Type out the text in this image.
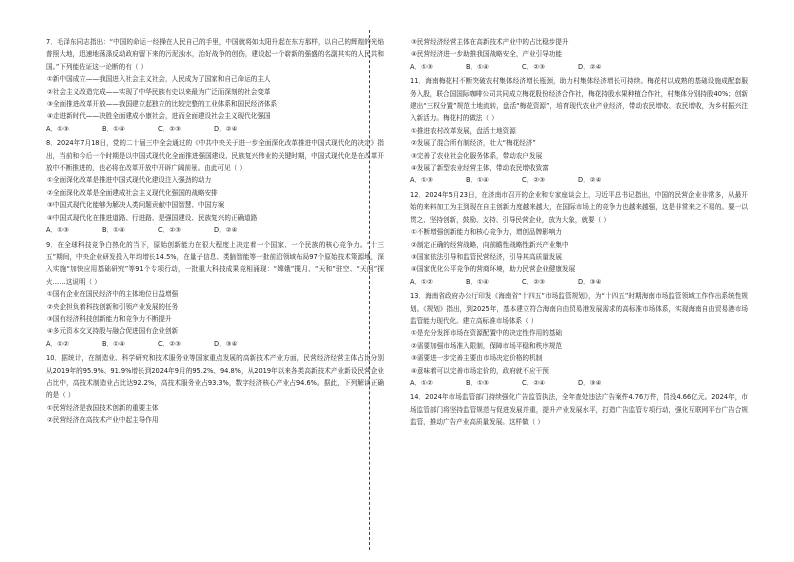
7．毛泽东同志指出：“中国的命运一经操在人民自己的手里，中国就将如太阳升起在东方那样，以自己的辉煌的光焰普照大地，迅速地荡涤反动政府留下来的污泥浊水，治好战争的创伤，建设起一个崭新的强盛的名副其实的人民共和国。”下列能佐证这一论断的有（ ）
①新中国成立——我国进入社会主义社会，人民成为了国家和自己命运的主人
②社会主义改造完成——实现了中华民族有史以来最为广泛而深刻的社会变革
③全面推进改革开放——我国建立起独立的比较完整的工业体系和国民经济体系
④走进新时代——决胜全面建成小康社会，进而全面建设社会主义现代化强国
A．①③	B．①④	C．②③	D．②④
8．2024年7月18日，党的二十届三中全会通过的《中共中央关于进一步全面深化改革推进中国式现代化的决定》指出，当前和今后一个时期是以中国式现代化全面推进强国建设、民族复兴伟业的关键时期，中国式现代化是在改革开放中不断推进的，也必将在改革开放中开辟广阔前景。由此可见（ ）
①全面深化改革是推进中国式现代化建设注入强劲的动力
②全面深化改革是全面建成社会主义现代化强国的战略安排
③中国式现代化能够为解决人类问题贡献中国智慧、中国方案
④中国式现代化在推进道路、行进路、是强国建设、民族复兴的正确道路
A．①③	B．①④	C．②③	D．②④
9．在全球科技竞争白热化的当下，原始创新能力在很大程度上决定着一个国家、一个民族的核心竞争力。“十三五”期间，中央企业研发投入年均增长14.5%，在量子信息、类脑智能等一批前沿领域布局97个原始技术策源地，深入实施“加快应用基础研究”等91个专项行动，一批重大科技成果竞相涌现：“嫦娥”揽月、“天和”驻空、“天问”探火……这说明（ ）
①国有企业在国民经济中的主体地位日益增强
②央企担负着科技创新和引领产业发展的任务
③国有经济科技创新能力和竞争力不断提升
④多元资本交叉持股与融合促进国有企业创新
A．①②	B．①④	C．②③	D．③④
10．据统计，在制造业、科学研究和技术服务业等国家重点发展的高新技术产业方面，民营经济经营主体占比分别从2019年的95.9%、91.9%增长到2024年9月的95.2%、94.8%，从2019年以来各类高新技术产业新设民营企业占比中，高技术制造业占比达92.2%，高技术服务业占93.3%，数字经济核心产业占94.6%。据此，下列解读正确的是（ ）
①民营经济是我国技术创新的重要主体
②民营经济在高技术产业中起主导作用
③民营经济经营主体在高新技术产业中的占比稳步提升
④民营经济进一步助推我国战略安全，产业引导功能
A．①③	B．①④	C．②③	D．②④
11．海南梅花村不断突破农村集体经济增长瓶颈，助力村集体经济增长可持续。梅花村以成熟的基础设施成配套服务入股，联合国国际咖啡公司共同成立梅花股份经济合作社，梅花持股水果种植合作社，村集体分别持股40%；创新建出“三权分置”规范土地流转，盘活“梅花资源”，培育现代农业产业经济，带动农民增收、农民增收，为乡村振兴注入新活力。梅花村的做法（ ）
①推进农村改革发展，盘活土地资源
②发展了混合所有制经济，壮大“梅花经济”
③完善了农业社会化服务体系，带动农户发展
④发展了新型农业经营主体，带动农民增收致富
A．①③	B．①④	C．②③	D．②④
12．2024年5月23日，在济南市召开的企业和专家座谈会上，习近平总书记指出，中国的民营企业非常多，从最开始的来料加工为主到现在自主创新力度越来越大，在国际市场上的竞争力也越来越强，这是非常来之不易的。要一以贯之、坚持创新，鼓励、支持、引导民营企业，放为大象，就要（ ）
①不断增强创新能力和核心竞争力，增创品牌影响力
②制定正确的经营战略，向前瞻性战略性新兴产业集中
③国家依法引导和监管民营经济，引导其高质量发展
④国家优化公平竞争的营商环境，助力民营企业健康发展
A．①②	B．①④	C．②③	D．③④
13．海南省政府办公厅印发《海南省“十四五”市场监管规划》，为“十四五”时期海南市场监管领域工作作出系统性规划。《规划》指出，到2025年，基本建立符合海南自由贸易港发展需求的高标准市场体系，实现海南自由贸易港市场监管能力现代化。建立高标准市场体系（ ）
①是充分发挥市场在资源配置中的决定性作用的基础
②需要加强市场准入限制，保障市场平稳和秩序规范
③需要进一步完善主要由市场决定价格的机制
④意味着可以完善市场定价的，政府就不应干预
A．①②	B．①③	C．②④	D．③④
14．2024年市场监管部门持续强化广告监管执法，全年查处违法广告案件4.76万件，罚没4.66亿元。2024年，市场监管部门将坚持监管规范与促进发展并重，提升产业发展水平，打造广告监管专项行动，强化互联网平台广告合规监管，推动广告产业高质量发展。这样做（ ）
